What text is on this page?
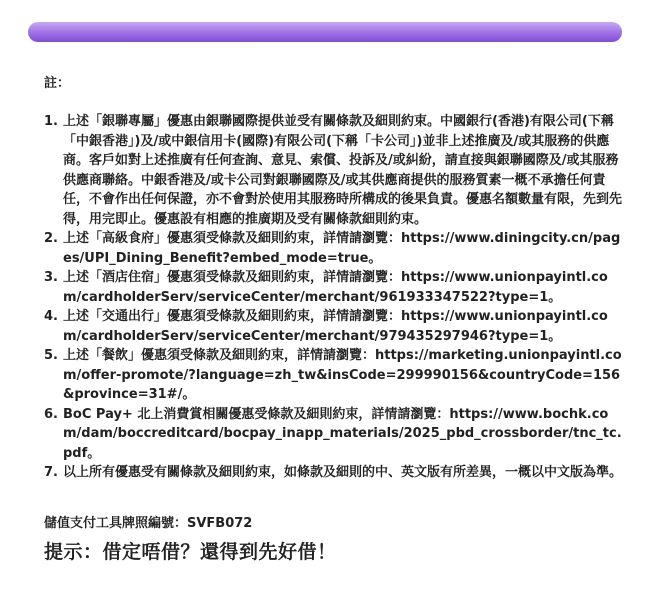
註：
1. 上述「銀聯專屬」優惠由銀聯國際提供並受有關條款及細則約束。中國銀行(香港)有限公司(下稱「中銀香港」)及/或中銀信用卡(國際)有限公司(下稱「卡公司」)並非上述推廣及/或其服務的供應商。客戶如對上述推廣有任何查詢、意見、索償、投訴及/或糾紛，請直接與銀聯國際及/或其服務供應商聯絡。中銀香港及/或卡公司對銀聯國際及/或其供應商提供的服務質素一概不承擔任何責任，不會作出任何保證，亦不會對於使用其服務時所構成的後果負責。優惠名額數量有限，先到先得，用完即止。優惠設有相應的推廣期及受有關條款細則約束。
2. 上述「高級食府」優惠須受條款及細則約束，詳情請瀏覽：https://www.diningcity.cn/pages/UPI_Dining_Benefit?embed_mode=true。
3. 上述「酒店住宿」優惠須受條款及細則約束，詳情請瀏覽：https://www.unionpayintl.com/cardholderServ/serviceCenter/merchant/961933347522?type=1。
4. 上述「交通出行」優惠須受條款及細則約束，詳情請瀏覽：https://www.unionpayintl.com/cardholderServ/serviceCenter/merchant/979435297946?type=1。
5. 上述「餐飲」優惠須受條款及細則約束，詳情請瀏覽：https://marketing.unionpayintl.com/offer-promote/?language=zh_tw&insCode=299990156&countryCode=156&province=31#/。
6. BoC Pay+ 北上消費賞相關優惠受條款及細則約束，詳情請瀏覽：https://www.bochk.com/dam/boccreditcard/bocpay_inapp_materials/2025_pbd_crossborder/tnc_tc.pdf。
7. 以上所有優惠受有關條款及細則約束，如條款及細則的中、英文版有所差異，一概以中文版為準。
儲值支付工具牌照編號：SVFB072
提示：借定唔借？還得到先好借！
